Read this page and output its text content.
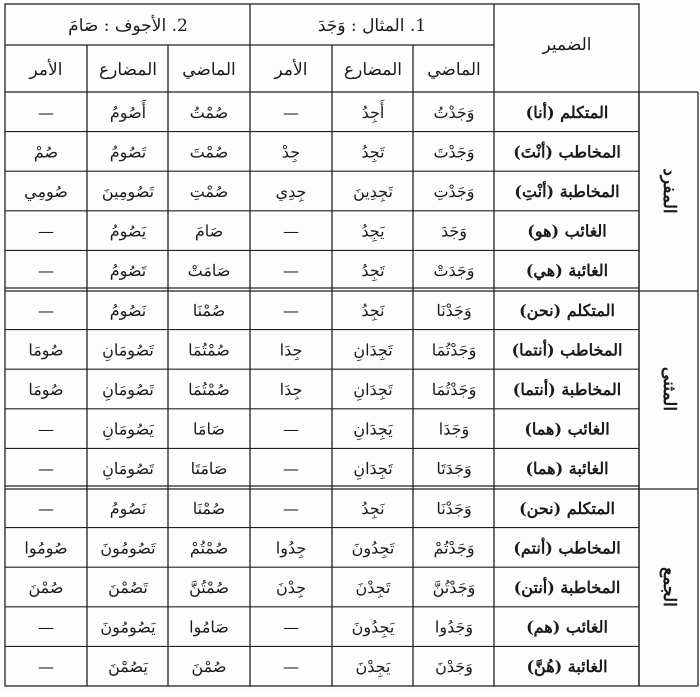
الضمير
1. المثال : وَجَدَ
2. الأجوف : صَامَ
الماضي
المضارع
الأمر
الماضي
المضارع
الأمر
المتكلم (أنا)
وَجَدْتُ
أَجِدُ
—
صُمْتُ
أَصُومُ
—
المخاطب (أنْتَ)
وَجَدْتَ
تَجِدُ
جِدْ
صُمْتَ
تَصُومُ
صُمْ
المخاطبة (أنْتِ)
وَجَدْتِ
تَجِدِينَ
جِدِي
صُمْتِ
تَصُومِينَ
صُومِي
الغائب (هو)
وَجَدَ
يَجِدُ
—
صَامَ
يَصُومُ
—
الغائبة (هي)
وَجَدَتْ
تَجِدُ
—
صَامَتْ
تَصُومُ
—
المفرد
المتكلم (نحن)
وَجَدْنَا
نَجِدُ
—
صُمْنَا
نَصُومُ
—
المخاطب (أنتما)
وَجَدْتُمَا
تَجِدَانِ
جِدَا
صُمْتُمَا
تَصُومَانِ
صُومَا
المخاطبة (أنتما)
وَجَدْتُمَا
تَجِدَانِ
جِدَا
صُمْتُمَا
تَصُومَانِ
صُومَا
الغائب (هما)
وَجَدَا
يَجِدَانِ
—
صَامَا
يَصُومَانِ
—
الغائبة (هما)
وَجَدَتَا
تَجِدَانِ
—
صَامَتَا
تَصُومَانِ
—
المثنى
المتكلم (نحن)
وَجَدْنَا
نَجِدُ
—
صُمْنَا
نَصُومُ
—
المخاطب (أنتم)
وَجَدْتُمْ
تَجِدُونَ
جِدُوا
صُمْتُمْ
تَصُومُونَ
صُومُوا
المخاطبة (أنتن)
وَجَدْتُنَّ
تَجِدْنَ
جِدْنَ
صُمْتُنَّ
تَصُمْنَ
صُمْنَ
الغائب (هم)
وَجَدُوا
يَجِدُونَ
—
صَامُوا
يَصُومُونَ
—
الغائبة (هُنَّ)
وَجَدْنَ
يَجِدْنَ
—
صُمْنَ
يَصُمْنَ
—
الجمع
